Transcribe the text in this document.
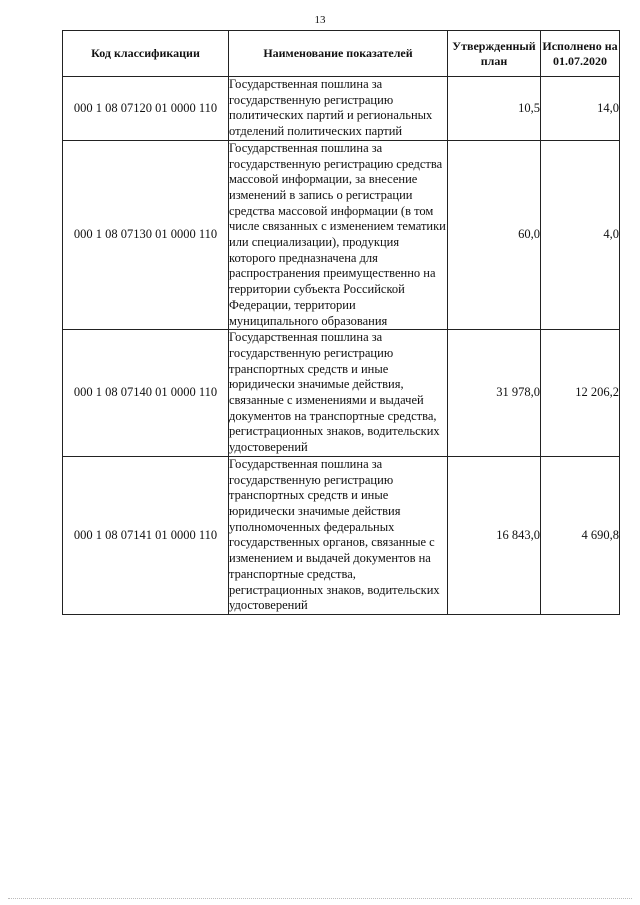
13
Код классификации	Наименование показателей	Утвержденный план	Исполнено на 01.07.2020
000 1 08 07120 01 0000 110	Государственная пошлина за государственную регистрацию политических партий и региональных отделений политических партий	10,5	14,0
000 1 08 07130 01 0000 110	Государственная пошлина за государственную регистрацию средства массовой информации, за внесение изменений в запись о регистрации средства массовой информации (в том числе связанных с изменением тематики или специализации), продукция которого предназначена для распространения преимущественно на территории субъекта Российской Федерации, территории муниципального образования	60,0	4,0
000 1 08 07140 01 0000 110	Государственная пошлина за государственную регистрацию транспортных средств и иные юридически значимые действия, связанные с изменениями и выдачей документов на транспортные средства, регистрационных знаков, водительских удостоверений	31 978,0	12 206,2
000 1 08 07141 01 0000 110	Государственная пошлина за государственную регистрацию транспортных средств и иные юридически значимые действия уполномоченных федеральных государственных органов, связанные с изменением и выдачей документов на транспортные средства, регистрационных знаков, водительских удостоверений	16 843,0	4 690,8
